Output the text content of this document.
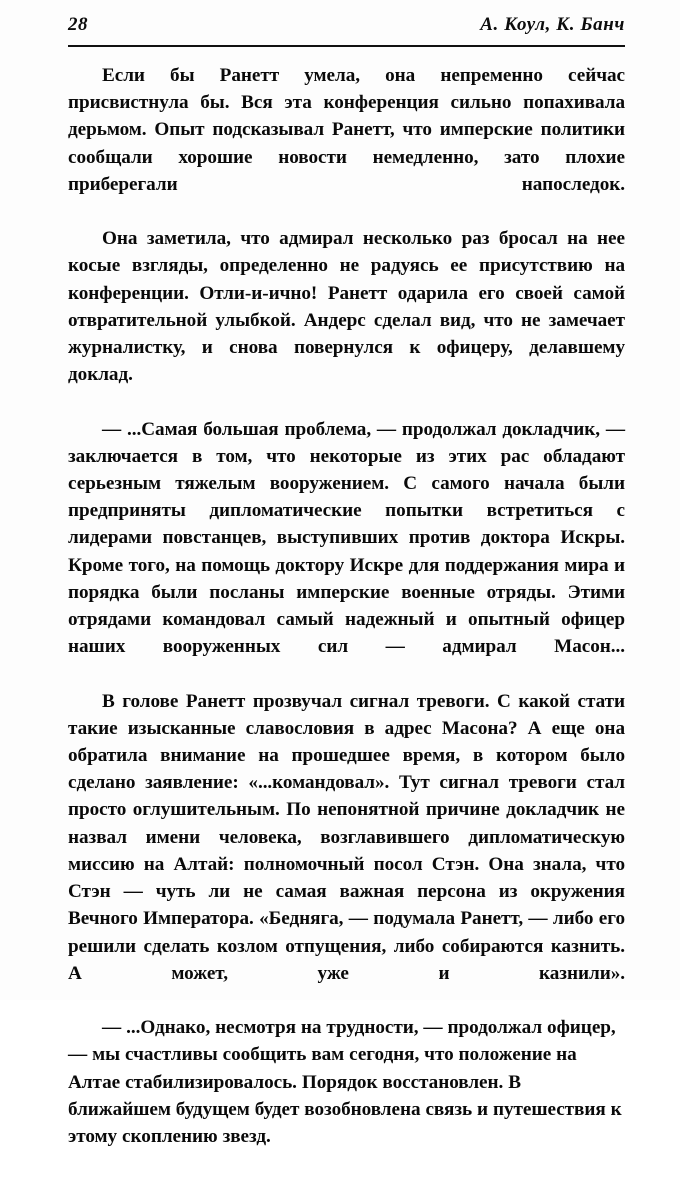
28	А. Коул, К. Банч

Если бы Ранетт умела, она непременно сейчас присвистнула бы. Вся эта конференция сильно попахивала дерьмом. Опыт подсказывал Ранетт, что имперские политики сообщали хорошие новости немедленно, зато плохие приберегали напоследок.

Она заметила, что адмирал несколько раз бросал на нее косые взгляды, определенно не радуясь ее присутствию на конференции. Отли-и-ично! Ранетт одарила его своей самой отвратительной улыбкой. Андерс сделал вид, что не замечает журналистку, и снова повернулся к офицеру, делавшему доклад.

— ...Самая большая проблема, — продолжал докладчик, — заключается в том, что некоторые из этих рас обладают серьезным тяжелым вооружением. С самого начала были предприняты дипломатические попытки встретиться с лидерами повстанцев, выступивших против доктора Искры. Кроме того, на помощь доктору Искре для поддержания мира и порядка были посланы имперские военные отряды. Этими отрядами командовал самый надежный и опытный офицер наших вооруженных сил — адмирал Масон...

В голове Ранетт прозвучал сигнал тревоги. С какой стати такие изысканные славословия в адрес Масона? А еще она обратила внимание на прошедшее время, в котором было сделано заявление: «...командовал». Тут сигнал тревоги стал просто оглушительным. По непонятной причине докладчик не назвал имени человека, возглавившего дипломатическую миссию на Алтай: полномочный посол Стэн. Она знала, что Стэн — чуть ли не самая важная персона из окружения Вечного Императора. «Бедняга, — подумала Ранетт, — либо его решили сделать козлом отпущения, либо собираются казнить. А может, уже и казнили».

— ...Однако, несмотря на трудности, — продолжал офицер, — мы счастливы сообщить вам сегодня, что положение на Алтае стабилизировалось. Порядок восстановлен. В ближайшем будущем будет возобновлена связь и путешествия к этому скоплению звезд.
